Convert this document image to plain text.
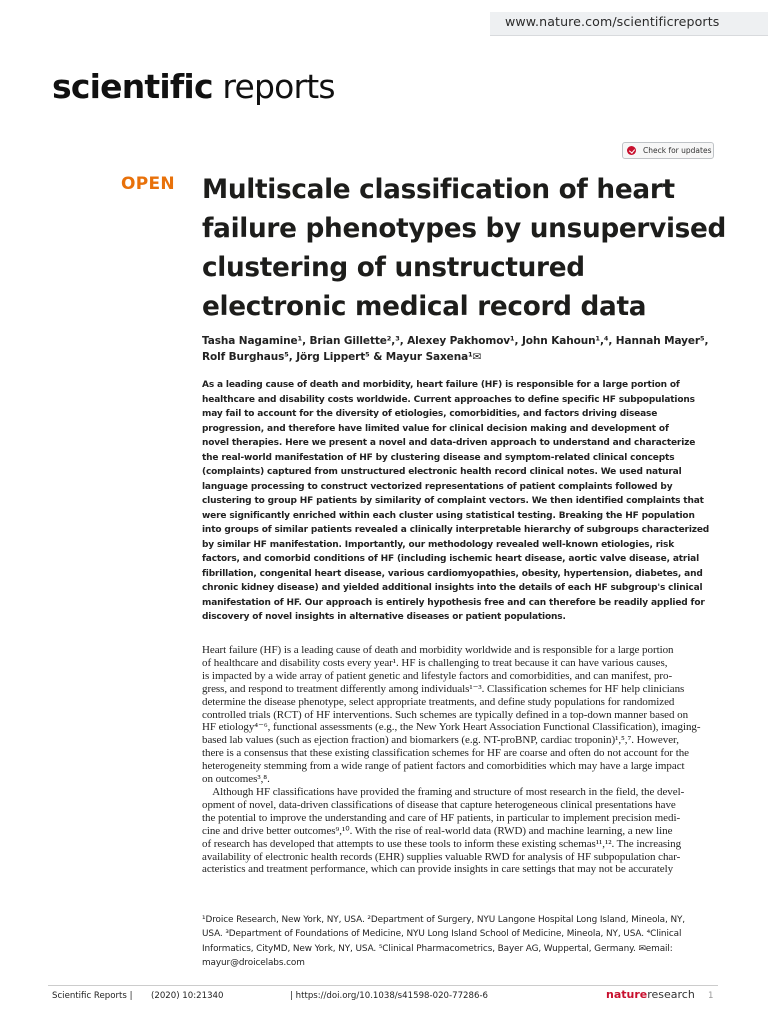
www.nature.com/scientificreports
scientific reports
Check for updates
OPEN Multiscale classification of heart
failure phenotypes by unsupervised
clustering of unstructured
electronic medical record data
Tasha Nagamine¹, Brian Gillette²,³, Alexey Pakhomov¹, John Kahoun¹,⁴, Hannah Mayer⁵,
Rolf Burghaus⁵, Jörg Lippert⁵ & Mayur Saxena¹✉
As a leading cause of death and morbidity, heart failure (HF) is responsible for a large portion of
healthcare and disability costs worldwide. Current approaches to define specific HF subpopulations
may fail to account for the diversity of etiologies, comorbidities, and factors driving disease
progression, and therefore have limited value for clinical decision making and development of
novel therapies. Here we present a novel and data-driven approach to understand and characterize
the real-world manifestation of HF by clustering disease and symptom-related clinical concepts
(complaints) captured from unstructured electronic health record clinical notes. We used natural
language processing to construct vectorized representations of patient complaints followed by
clustering to group HF patients by similarity of complaint vectors. We then identified complaints that
were significantly enriched within each cluster using statistical testing. Breaking the HF population
into groups of similar patients revealed a clinically interpretable hierarchy of subgroups characterized
by similar HF manifestation. Importantly, our methodology revealed well-known etiologies, risk
factors, and comorbid conditions of HF (including ischemic heart disease, aortic valve disease, atrial
fibrillation, congenital heart disease, various cardiomyopathies, obesity, hypertension, diabetes, and
chronic kidney disease) and yielded additional insights into the details of each HF subgroup's clinical
manifestation of HF. Our approach is entirely hypothesis free and can therefore be readily applied for
discovery of novel insights in alternative diseases or patient populations.
Heart failure (HF) is a leading cause of death and morbidity worldwide and is responsible for a large portion
of healthcare and disability costs every year¹. HF is challenging to treat because it can have various causes,
is impacted by a wide array of patient genetic and lifestyle factors and comorbidities, and can manifest, pro-
gress, and respond to treatment differently among individuals¹⁻³. Classification schemes for HF help clinicians
determine the disease phenotype, select appropriate treatments, and define study populations for randomized
controlled trials (RCT) of HF interventions. Such schemes are typically defined in a top-down manner based on
HF etiology⁴⁻⁶, functional assessments (e.g., the New York Heart Association Functional Classification), imaging-
based lab values (such as ejection fraction) and biomarkers (e.g. NT-proBNP, cardiac troponin)¹,⁵,⁷. However,
there is a consensus that these existing classification schemes for HF are coarse and often do not account for the
heterogeneity stemming from a wide range of patient factors and comorbidities which may have a large impact
on outcomes³,⁸.
Although HF classifications have provided the framing and structure of most research in the field, the devel-
opment of novel, data-driven classifications of disease that capture heterogeneous clinical presentations have
the potential to improve the understanding and care of HF patients, in particular to implement precision medi-
cine and drive better outcomes⁹,¹⁰. With the rise of real-world data (RWD) and machine learning, a new line
of research has developed that attempts to use these tools to inform these existing schemas¹¹,¹². The increasing
availability of electronic health records (EHR) supplies valuable RWD for analysis of HF subpopulation char-
acteristics and treatment performance, which can provide insights in care settings that may not be accurately
¹Droice Research, New York, NY, USA. ²Department of Surgery, NYU Langone Hospital Long Island, Mineola, NY,
USA. ³Department of Foundations of Medicine, NYU Long Island School of Medicine, Mineola, NY, USA. ⁴Clinical
Informatics, CityMD, New York, NY, USA. ⁵Clinical Pharmacometrics, Bayer AG, Wuppertal, Germany. ✉email:
mayur@droicelabs.com
Scientific Reports | (2020) 10:21340	| https://doi.org/10.1038/s41598-020-77286-6	natureresearch 1
